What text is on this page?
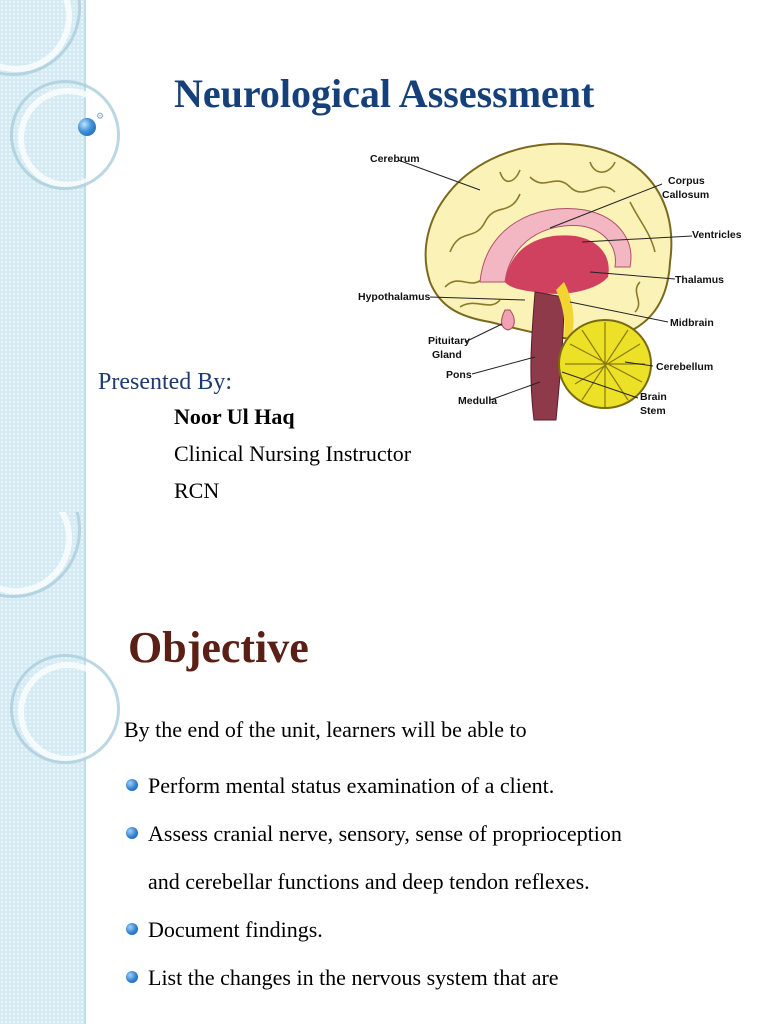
⚙
Neurological Assessment
Cerebrum
Corpus
Callosum
Ventricles
Thalamus
Hypothalamus
Midbrain
Pituitary
Gland
Cerebellum
Pons
Medulla	Brain
Stem
Presented By:
Noor Ul Haq
Clinical Nursing Instructor
RCN
Objective
By the end of the unit, learners will be able to
Perform mental status examination of a client.
Assess cranial nerve, sensory, sense of proprioception
and cerebellar functions and deep tendon reflexes.
Document findings.
List the changes in the nervous system that are
